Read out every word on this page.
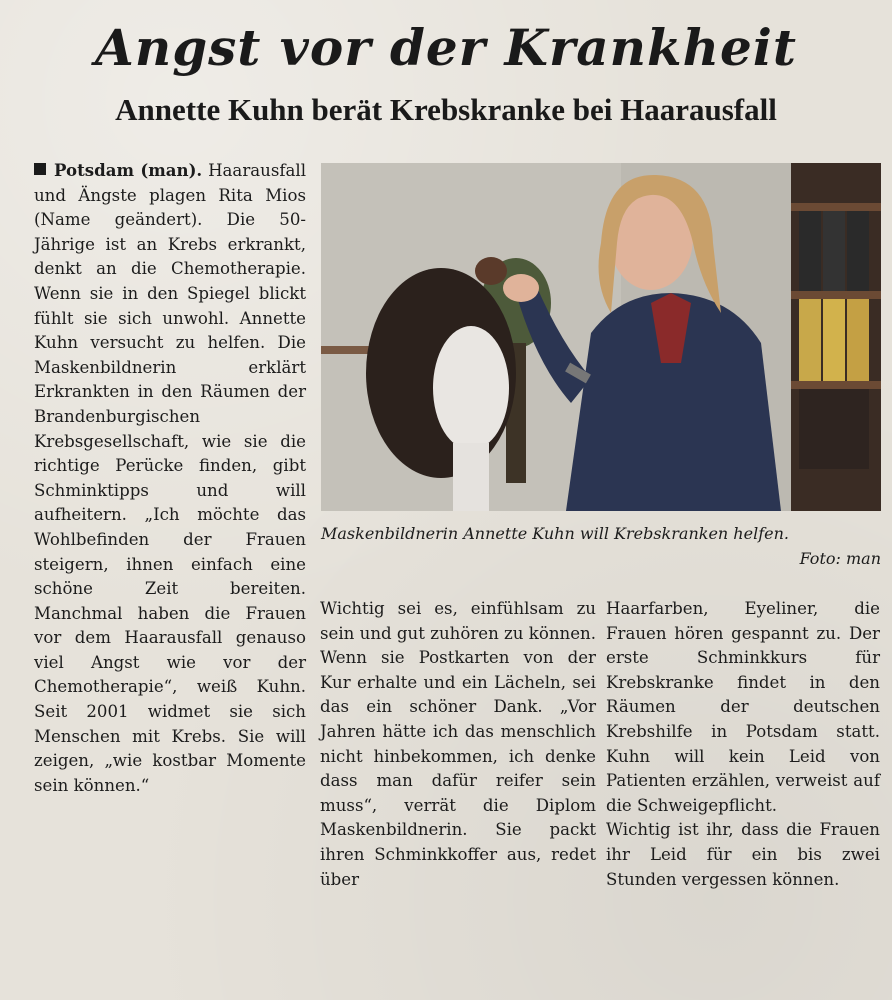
Angst vor der Krankheit
Annette Kuhn berät Krebskranke bei Haarausfall

Potsdam (man). Haarausfall und Ängste plagen Rita Mios (Name geändert). Die 50-Jährige ist an Krebs erkrankt, denkt an die Chemotherapie. Wenn sie in den Spiegel blickt fühlt sie sich unwohl. Annette Kuhn versucht zu helfen. Die Maskenbildnerin erklärt Erkrankten in den Räumen der Brandenburgischen Krebsgesellschaft, wie sie die richtige Perücke finden, gibt Schminktipps und will aufheitern. „Ich möchte das Wohlbefinden der Frauen steigern, ihnen einfach eine schöne Zeit bereiten. Manchmal haben die Frauen vor dem Haarausfall genauso viel Angst wie vor der Chemotherapie“, weiß Kuhn. Seit 2001 widmet sie sich Menschen mit Krebs. Sie will zeigen, „wie kostbar Momente sein können.“

Maskenbildnerin Annette Kuhn will Krebskranken helfen.
Foto: man

Wichtig sei es, einfühlsam zu sein und gut zuhören zu können. Wenn sie Postkarten von der Kur erhalte und ein Lächeln, sei das ein schöner Dank. „Vor Jahren hätte ich das menschlich nicht hinbekommen, ich denke dass man dafür reifer sein muss“, verrät die Diplom Maskenbildnerin. Sie packt ihren Schminkkoffer aus, redet über

Haarfarben, Eyeliner, die Frauen hören gespannt zu. Der erste Schminkkurs für Krebskranke findet in den Räumen der deutschen Krebshilfe in Potsdam statt. Kuhn will kein Leid von Patienten erzählen, verweist auf die Schweigepflicht.

Wichtig ist ihr, dass die Frauen ihr Leid für ein bis zwei Stunden vergessen können.
